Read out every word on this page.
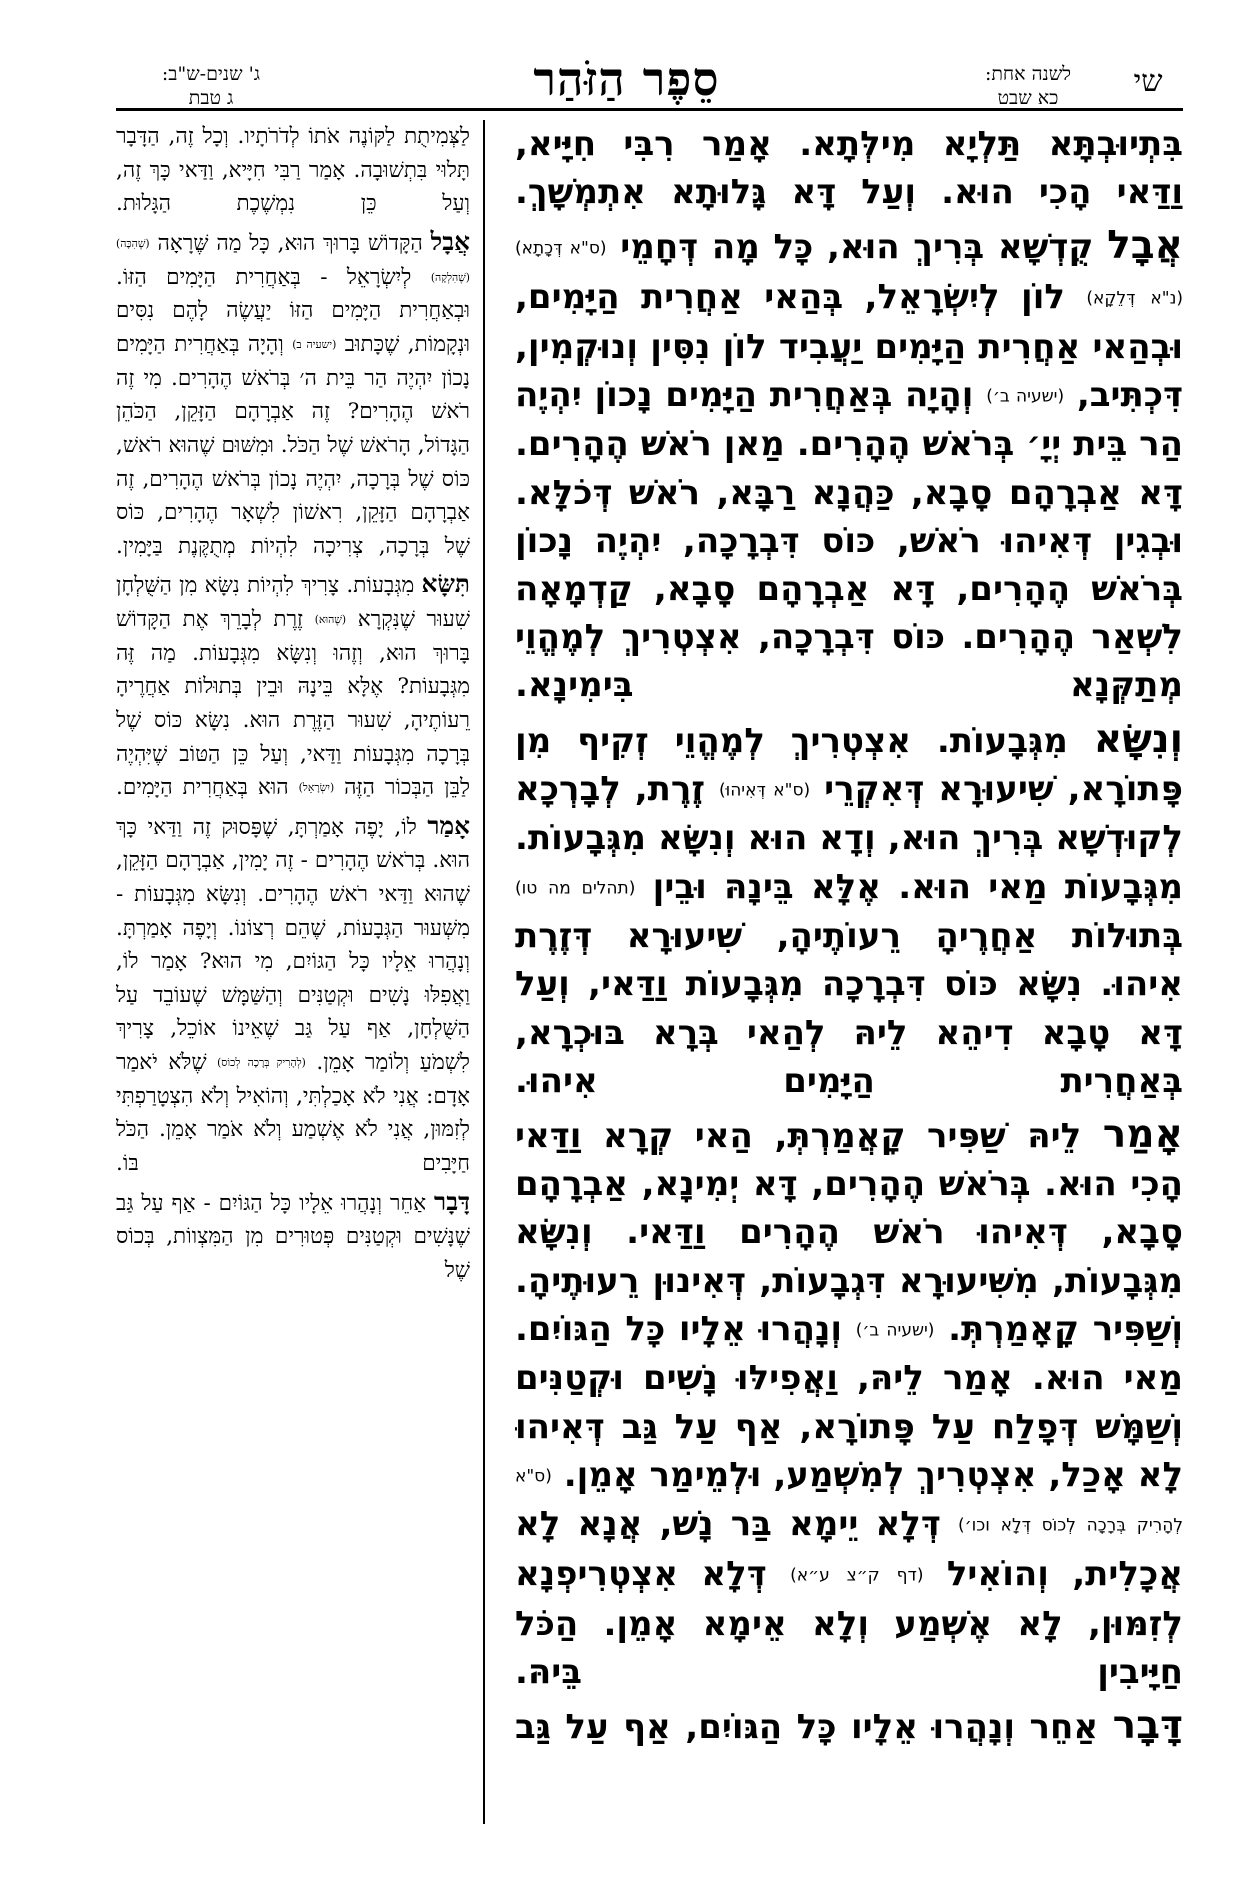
שי
לשנה אחת:
כא שבט
סֵפֶר הַזֹּהַר
ג' שנים-ש"ב:
ג טבת

בִּתְיוּבְתָּא תַּלְיָא מִילְּתָא. אָמַר רִבִּי חִיָּיא, וַדַּאי הָכִי הוּא. וְעַל דָּא גָּלוּתָא אִתְמְשָׁךְ.

אֲבָל קֻדְשָׁא בְּרִיךְ הוּא, כָּל מָה דְּחָמֵי (ס"א דְּכָתָא) (נ"א דְּלֵקָא) לוֹן לְיִשְׂרָאֵל, בְּהַאי אַחֲרִית הַיָּמִים, וּבְהַאי אַחֲרִית הַיָּמִים יַעֲבִיד לוֹן נִסִּין וְנוּקְמִין, דִּכְתִּיב, (ישעיה ב׳) וְהָיָה בְּאַחֲרִית הַיָּמִים נָכוֹן יִהְיֶה הַר בֵּית יְיָ׳ בְּרֹאשׁ הֶהָרִים. מַאן רֹאשׁ הֶהָרִים. דָּא אַבְרָהָם סָבָא, כַּהֲנָא רַבָּא, רֹאשׁ דְּכֹלָּא. וּבְגִין דְּאִיהוּ רֹאשׁ, כּוֹס דִּבְרָכָה, יִהְיֶה נָכוֹן בְּרֹאשׁ הֶהָרִים, דָּא אַבְרָהָם סָבָא, קַדְמָאָה לִשְׁאַר הֶהָרִים. כּוֹס דִּבְרָכָה, אִצְטְרִיךְ לְמֶהֱוֵי מְתַקְּנָא בִּימִינָא.

וְנִשָּׂא מִגְּבָעוֹת. אִצְטְרִיךְ לְמֶהֱוֵי זְקִיף מִן פָּתוֹרָא, שִׁיעוּרָא דְּאִקְרֵי (ס"א דְּאִיהוּ) זֶרֶת, לְבָרְכָא לְקוּדְשָׁא בְּרִיךְ הוּא, וְדָא הוּא וְנִשָּׂא מִגְּבָעוֹת. מִגְּבָעוֹת מַאי הוּא. אֶלָּא בֵּינָהּ וּבֵין (תהלים מה טו) בְּתוּלוֹת אַחֲרֶיהָ רֵעוֹתֶיהָ, שִׁיעוּרָא דְּזֶרֶת אִיהוּ. נִשָּׂא כּוֹס דִּבְרָכָה מִגְּבָעוֹת וַדַּאי, וְעַל דָּא טָבָא דִיהֵא לֵיהּ לְהַאי בְּרָא בּוּכְרָא, בְּאַחֲרִית הַיָּמִים אִיהוּ.

אָמַר לֵיהּ שַׁפִּיר קָאֲמַרְתְּ, הַאי קְרָא וַדַּאי הָכִי הוּא. בְּרֹאשׁ הֶהָרִים, דָּא יְמִינָא, אַבְרָהָם סָבָא, דְּאִיהוּ רֹאשׁ הֶהָרִים וַדַּאי. וְנִשָּׂא מִגְּבָעוֹת, מִשִּׁיעוּרָא דִּגְבָעוֹת, דְּאִינוּן רֵעוּתֶיהָ. וְשַׁפִּיר קָאָמַרְתְּ. (ישעיה ב׳) וְנָהֲרוּ אֵלָיו כָּל הַגּוֹיִם. מַאי הוּא. אָמַר לֵיהּ, וַאֲפִילּוּ נָשִׁים וּקְטַנִּים וְשַׁמָּשׁ דְּפָלַח עַל פָּתוֹרָא, אַף עַל גַּב דְּאִיהוּ לָא אָכַל, אִצְטְרִיךְ לְמִשְׁמַע, וּלְמֵימַר אָמֵן. (ס"א לְהָרִיק בְּרָכָה לְכוֹס דְּלָא וכו׳) דְּלָא יֵימָא בַּר נָשׁ, אֲנָא לָא אֲכָלִית, וְהוֹאִיל (דף ק״צ ע״א) דְּלָא אִצְטְרִיפְנָא לְזִמּוּן, לָא אֶשְׁמַע וְלָא אֵימָא אָמֵן. הַכֹּל חַיָּיבִין בֵּיהּ.

דָּבָר אַחֵר וְנָהֲרוּ אֵלָיו כָּל הַגּוֹיִם, אַף עַל גַּב

לַצְּמִיתֻת לַקּוֹנֶה אֹתוֹ לְדֹרֹתָיו. וְכָל זֶה, הַדָּבָר תָּלוּי בִּתְשׁוּבָה. אָמַר רַבִּי חִיָּיא, וַדַּאי כָּךְ זֶה, וְעַל כֵּן נִמְשֶׁכֶת הַגָּלוּת.

אֲבָל הַקָּדוֹשׁ בָּרוּךְ הוּא, כָּל מַה שֶּׁרָאָה (שֶׁהִכָּה) (שֶׁהִלְקָה) לְיִשְׂרָאֵל - בְּאַחֲרִית הַיָּמִים הַזּוֹ. וּבְאַחֲרִית הַיָּמִים הַזּוֹ יַעֲשֶׂה לָהֶם נִסִּים וּנְקָמוֹת, שֶׁכָּתוּב (ישעיה ב) וְהָיָה בְּאַחֲרִית הַיָּמִים נָכוֹן יִהְיֶה הַר בֵּית ה׳ בְּרֹאשׁ הֶהָרִים. מִי זֶה רֹאשׁ הֶהָרִים? זֶה אַבְרָהָם הַזָּקֵן, הַכֹּהֵן הַגָּדוֹל, הָרֹאשׁ שֶׁל הַכֹּל. וּמִשּׁוּם שֶׁהוּא רֹאשׁ, כּוֹס שֶׁל בְּרָכָה, יִהְיֶה נָכוֹן בְּרֹאשׁ הֶהָרִים, זֶה אַבְרָהָם הַזָּקֵן, רִאשׁוֹן לִשְׁאָר הֶהָרִים, כּוֹס שֶׁל בְּרָכָה, צְרִיכָה לִהְיוֹת מְתֻקֶּנֶת בַּיָּמִין.

תִּשָּׂא מִגְּבָעוֹת. צָרִיךְ לִהְיוֹת נִשָּׂא מִן הַשֻּׁלְחָן שִׁעוּר שֶׁנִּקְרָא (שֶׁהוּא) זֶרֶת לְבָרֵךְ אֶת הַקָּדוֹשׁ בָּרוּךְ הוּא, וְזֶהוּ וְנִשָּׂא מִגְּבָעוֹת. מַה זֶּה מִגְּבָעוֹת? אֶלָּא בֵּינָהּ וּבֵין בְּתוּלוֹת אַחֲרֶיהָ רֵעוֹתֶיהָ, שִׁעוּר הַזֶּרֶת הוּא. נִשָּׂא כּוֹס שֶׁל בְּרָכָה מִגְּבָעוֹת וַדַּאי, וְעַל כֵּן הַטּוֹב שֶׁיִּהְיֶה לַבֵּן הַבְּכוֹר הַזֶּה (יִשְׂרָאֵל) הוּא בְּאַחֲרִית הַיָּמִים.

אָמַר לוֹ, יָפֶה אָמַרְתָּ, שֶׁפָּסוּק זֶה וַדַּאי כָּךְ הוּא. בְּרֹאשׁ הֶהָרִים - זֶה יָמִין, אַבְרָהָם הַזָּקֵן, שֶׁהוּא וַדַּאי רֹאשׁ הֶהָרִים. וְנִשָּׂא מִגְּבָעוֹת - מִשְּׁעוּר הַגְּבָעוֹת, שֶׁהֵם רְצוֹנוֹ. וְיָפֶה אָמַרְתָּ. וְנָהֲרוּ אֵלָיו כָּל הַגּוֹיִם, מִי הוּא? אָמַר לוֹ, וַאֲפִלּוּ נָשִׁים וּקְטַנִּים וְהַשַּׁמָּשׁ שֶׁעוֹבֵד עַל הַשֻּׁלְחָן, אַף עַל גַּב שֶׁאֵינוֹ אוֹכֵל, צָרִיךְ לִשְׁמֹעַ וְלוֹמַר אָמֵן. (לְהָרִיק בְּרָכָה לְכוֹס) שֶׁלֹּא יֹאמַר אָדָם: אֲנִי לֹא אָכַלְתִּי, וְהוֹאִיל וְלֹא הִצְטָרַפְתִּי לְזִמּוּן, אֲנִי לֹא אֶשְׁמַע וְלֹא אֹמַר אָמֵן. הַכֹּל חַיָּבִים בּוֹ.

דָּבָר אַחֵר וְנָהֲרוּ אֵלָיו כָּל הַגּוֹיִם - אַף עַל גַּב שֶׁנָּשִׁים וּקְטַנִּים פְּטוּרִים מִן הַמִּצְווֹת, בְּכוֹס שֶׁל
